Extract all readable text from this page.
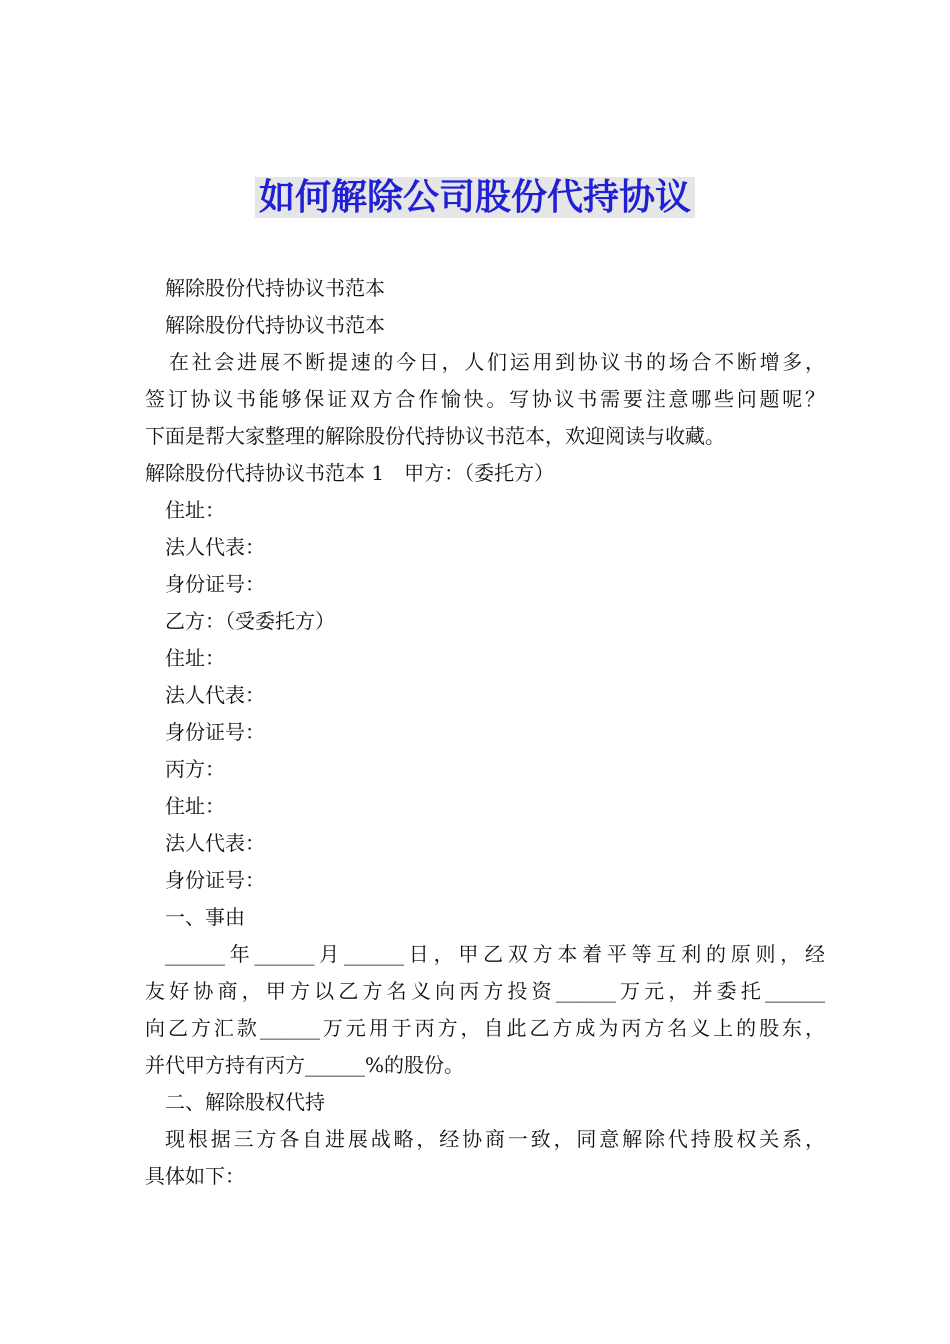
如何解除公司股份代持协议
解除股份代持协议书范本
解除股份代持协议书范本
在社会进展不断提速的今日，人们运用到协议书的场合不断增多，
签订协议书能够保证双方合作愉快。写协议书需要注意哪些问题呢？
下面是帮大家整理的解除股份代持协议书范本，欢迎阅读与收藏。
解除股份代持协议书范本 1　甲方：（委托方）
住址：
法人代表：
身份证号：
乙方：（受委托方）
住址：
法人代表：
身份证号：
丙方：
住址：
法人代表：
身份证号：
一、事由
______年______月______日，甲乙双方本着平等互利的原则，经
友好协商，甲方以乙方名义向丙方投资______万元，并委托______
向乙方汇款______万元用于丙方，自此乙方成为丙方名义上的股东，
并代甲方持有丙方______%的股份。
二、解除股权代持
现根据三方各自进展战略，经协商一致，同意解除代持股权关系，
具体如下：
